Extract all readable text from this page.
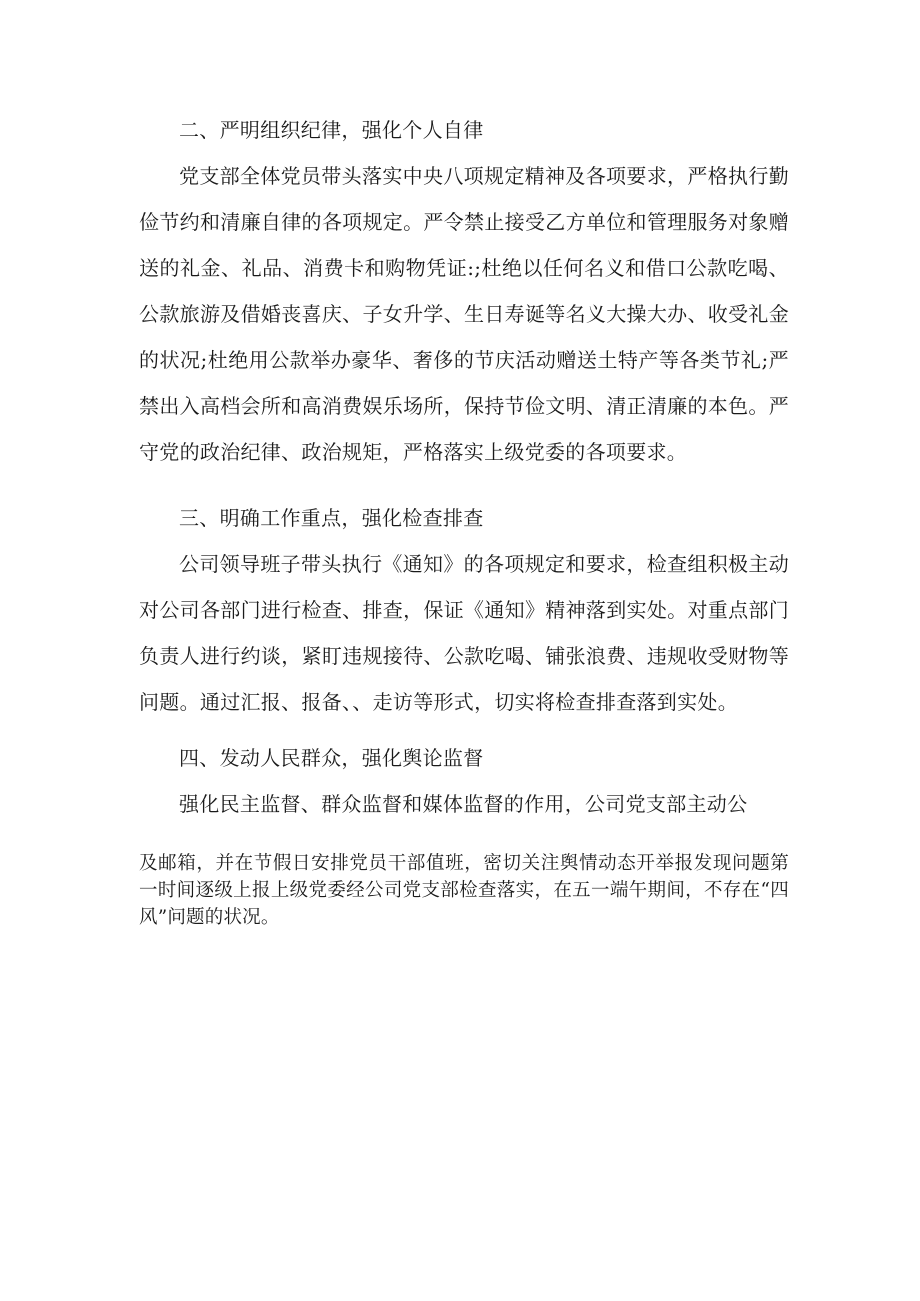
二、严明组织纪律，强化个人自律

党支部全体党员带头落实中央八项规定精神及各项要求，严格执行勤俭节约和清廉自律的各项规定。严令禁止接受乙方单位和管理服务对象赠送的礼金、礼品、消费卡和购物凭证:;杜绝以任何名义和借口公款吃喝、公款旅游及借婚丧喜庆、子女升学、生日寿诞等名义大操大办、收受礼金的状况;杜绝用公款举办豪华、奢侈的节庆活动赠送土特产等各类节礼;严禁出入高档会所和高消费娱乐场所，保持节俭文明、清正清廉的本色。严守党的政治纪律、政治规矩，严格落实上级党委的各项要求。

三、明确工作重点，强化检查排查

公司领导班子带头执行《通知》的各项规定和要求，检查组积极主动对公司各部门进行检查、排查，保证《通知》精神落到实处。对重点部门负责人进行约谈，紧盯违规接待、公款吃喝、铺张浪费、违规收受财物等问题。通过汇报、报备、、走访等形式，切实将检查排查落到实处。

四、发动人民群众，强化舆论监督

强化民主监督、群众监督和媒体监督的作用，公司党支部主动公

及邮箱，并在节假日安排党员干部值班，密切关注舆情动态开举报发现问题第一时间逐级上报上级党委经公司党支部检查落实，在五一端午期间，不存在“四风”问题的状况。
